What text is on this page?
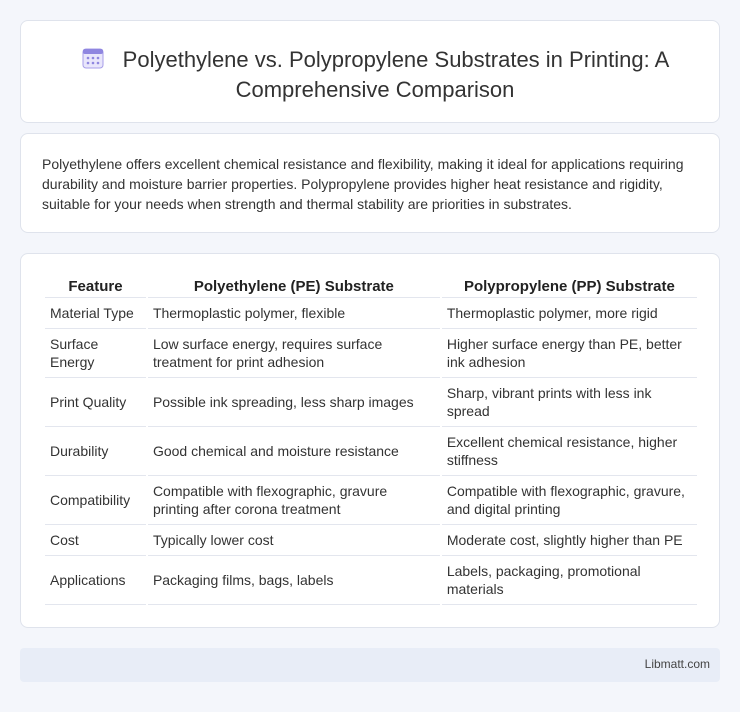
Polyethylene vs. Polypropylene Substrates in Printing: A Comprehensive Comparison

Polyethylene offers excellent chemical resistance and flexibility, making it ideal for applications requiring durability and moisture barrier properties. Polypropylene provides higher heat resistance and rigidity, suitable for your needs when strength and thermal stability are priorities in substrates.

Feature	Polyethylene (PE) Substrate	Polypropylene (PP) Substrate
Material Type	Thermoplastic polymer, flexible	Thermoplastic polymer, more rigid
Surface Energy	Low surface energy, requires surface treatment for print adhesion	Higher surface energy than PE, better ink adhesion
Print Quality	Possible ink spreading, less sharp images	Sharp, vibrant prints with less ink spread
Durability	Good chemical and moisture resistance	Excellent chemical resistance, higher stiffness
Compatibility	Compatible with flexographic, gravure printing after corona treatment	Compatible with flexographic, gravure, and digital printing
Cost	Typically lower cost	Moderate cost, slightly higher than PE
Applications	Packaging films, bags, labels	Labels, packaging, promotional materials
Libmatt.com
